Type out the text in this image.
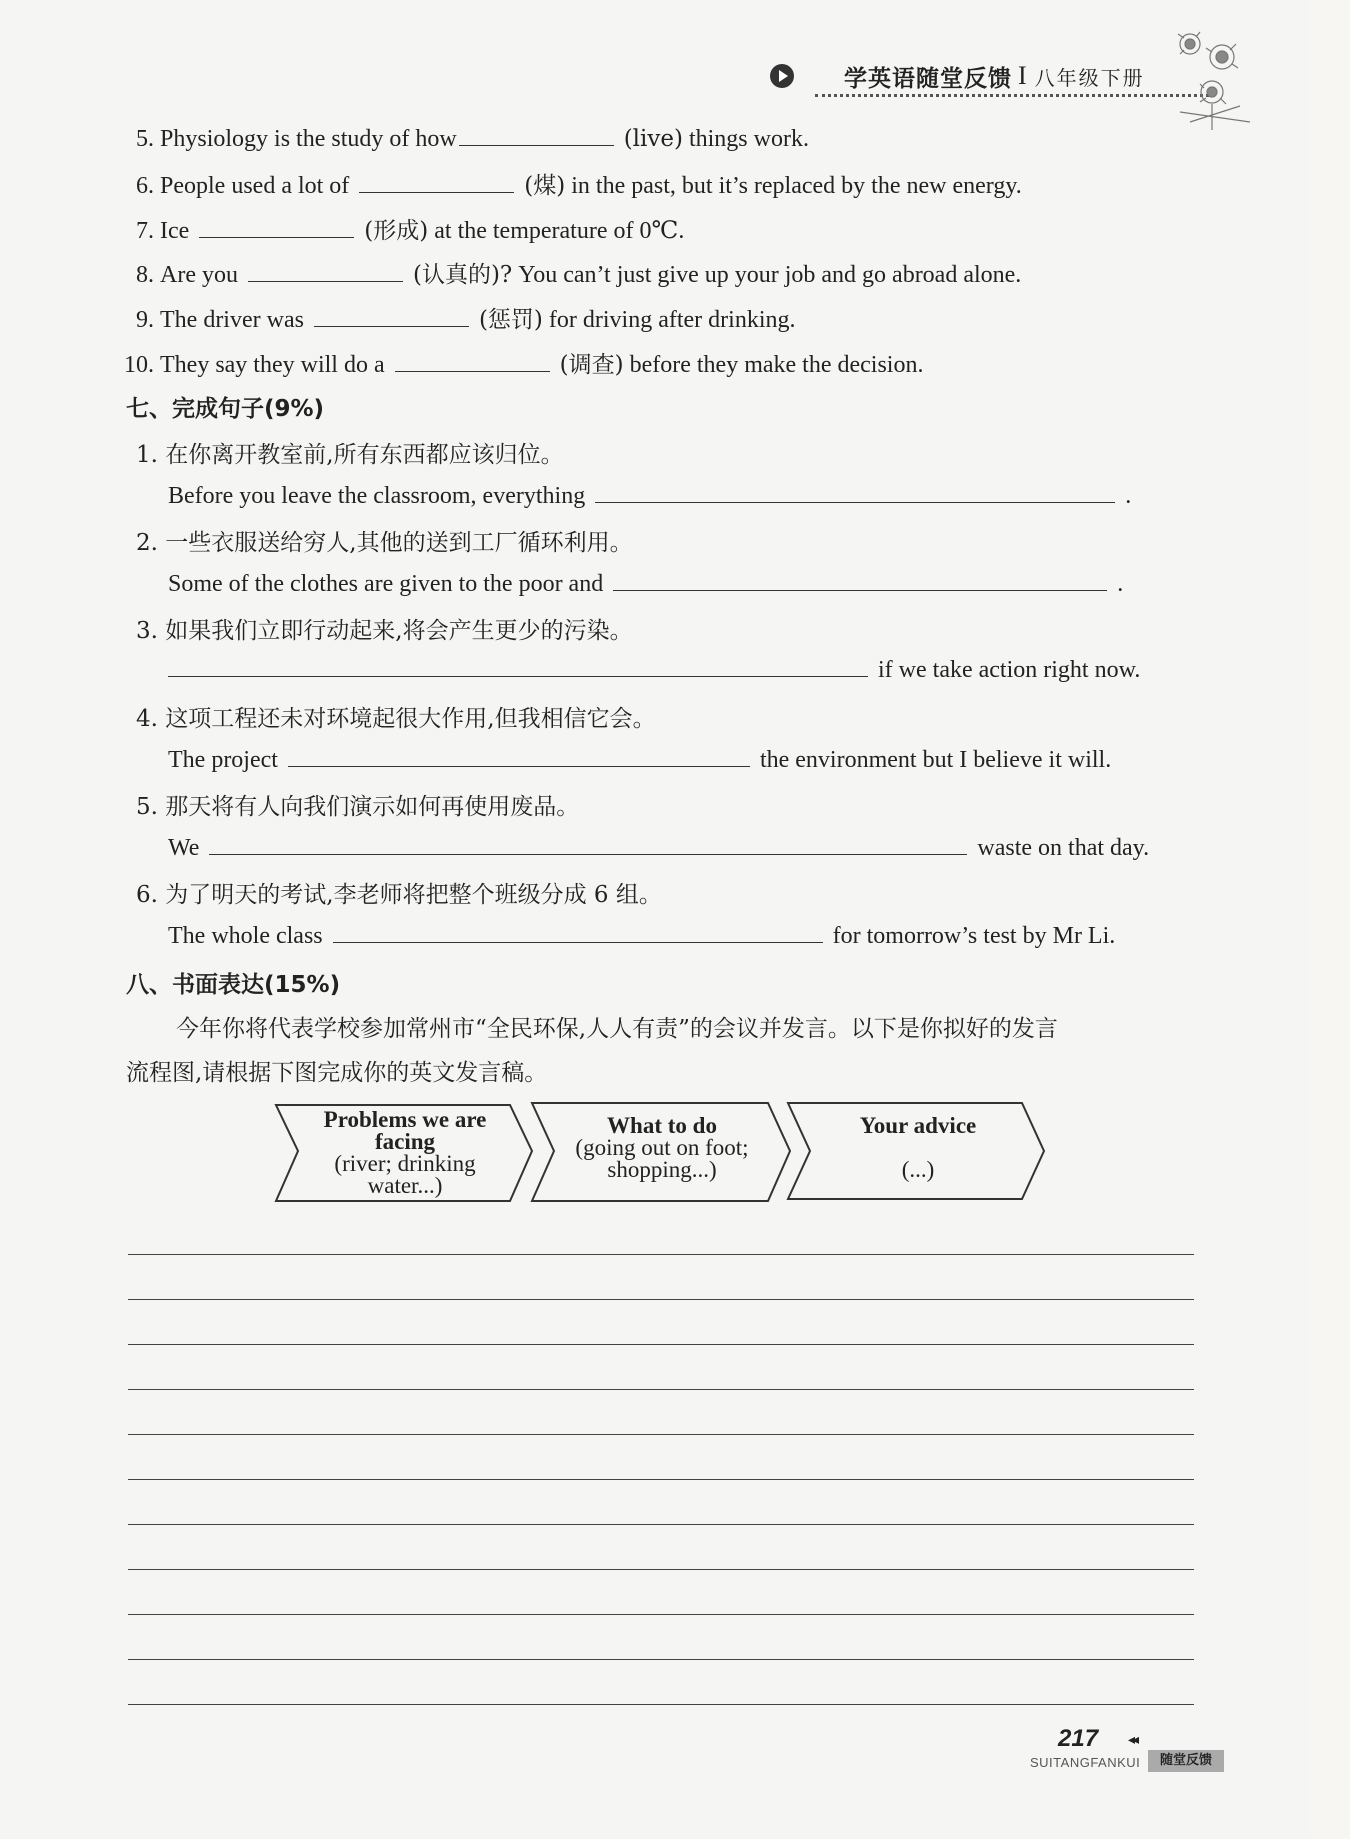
学英语随堂反馈 I 八年级下册
5.
Physiology is the study of how	(live)
things work.
6.
People used a lot of	(煤)
in the past, but it’s replaced by the new energy.
7.
Ice	(形成)
at the temperature of 0℃.
8.
Are you	(认真的)?
You can’t just give up your job and go abroad alone.
9.
The driver was	(惩罚)
for driving after drinking.
10.
They say they will do a	(调查)
before they make the decision.
七、完成句子(9%)
1.
在你离开教室前,所有东西都应该归位。
Before you leave the classroom, everything	.
2.
一些衣服送给穷人,其他的送到工厂循环利用。
Some of the clothes are given to the poor and	.
3.
如果我们立即行动起来,将会产生更少的污染。
if we take action right now.
4.
这项工程还未对环境起很大作用,但我相信它会。
The project	the environment but I believe it will.
5.
那天将有人向我们演示如何再使用废品。
We	waste on that day.
6.
为了明天的考试,李老师将把整个班级分成 6 组。
The whole class	for tomorrow’s test by Mr Li.
八、书面表达(15%)
今年你将代表学校参加常州市“全民环保,人人有责”的会议并发言。以下是你拟好的发言
流程图,请根据下图完成你的英文发言稿。
Problems we are
facing
(river; drinking
water...)
What to do
(going out on foot;
shopping...)
Your advice

(...)
217 ◂◂
SUITANGFANKUI	随堂反馈
